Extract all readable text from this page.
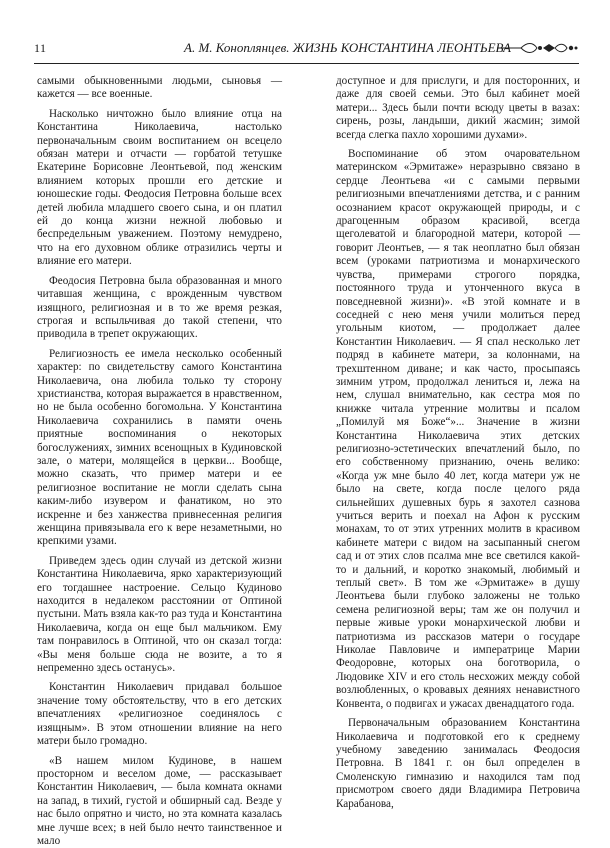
11	А. М. Коноплянцев. ЖИЗНЬ КОНСТАНТИНА ЛЕОНТЬЕВА

самыми обыкновенными людьми, сыновья — кажется — все военные.

Насколько ничтожно было влияние отца на Константина Николаевича, настолько первоначальным своим воспитанием он всецело обязан матери и отчасти — горбатой тетушке Екатерине Борисовне Леонтьевой, под женским влиянием которых прошли его детские и юношеские годы. Феодосия Петровна больше всех детей любила младшего своего сына, и он платил ей до конца жизни нежной любовью и беспредельным уважением. Поэтому немудрено, что на его духовном облике отразились черты и влияние его матери.

Феодосия Петровна была образованная и много читавшая женщина, с врожденным чувством изящного, религиозная и в то же время резкая, строгая и вспыльчивая до такой степени, что приводила в трепет окружающих.

Религиозность ее имела несколько особенный характер: по свидетельству самого Константина Николаевича, она любила только ту сторону христианства, которая выражается в нравственном, но не была особенно богомольна. У Константина Николаевича сохранились в памяти очень приятные воспоминания о некоторых богослужениях, зимних всенощных в Кудиновской зале, о матери, молящейся в церкви... Вообще, можно сказать, что пример матери и ее религиозное воспитание не могли сделать сына каким-либо изувером и фанатиком, но это искренне и без ханжества привнесенная религия женщина привязывала его к вере незаметными, но крепкими узами.

Приведем здесь один случай из детской жизни Константина Николаевича, ярко характеризующий его тогдашнее настроение. Сельцо Кудиново находится в недалеком расстоянии от Оптиной пустыни. Мать взяла как-то раз туда и Константина Николаевича, когда он еще был мальчиком. Ему там понравилось в Оптиной, что он сказал тогда: «Вы меня больше сюда не возите, а то я непременно здесь останусь».

Константин Николаевич придавал большое значение тому обстоятельству, что в его детских впечатлениях «религиозное соединялось с изящным». В этом отношении влияние на него матери было громадно.

«В нашем милом Кудинове, в нашем просторном и веселом доме, — рассказывает Константин Николаевич, — была комната окнами на запад, в тихий, густой и обширный сад. Везде у нас было опрятно и чисто, но эта комната казалась мне лучше всех; в ней было нечто таинственное и мало

доступное и для прислуги, и для посторонних, и даже для своей семьи. Это был кабинет моей матери... Здесь были почти всюду цветы в вазах: сирень, розы, ландыши, дикий жасмин; зимой всегда слегка пахло хорошими духами».

Воспоминание об этом очаровательном материнском «Эрмитаже» неразрывно связано в сердце Леонтьева «и с самыми первыми религиозными впечатлениями детства, и с ранним осознанием красот окружающей природы, и с драгоценным образом красивой, всегда щеголеватой и благородной матери, которой — говорит Леонтьев, — я так неоплатно был обязан всем (уроками патриотизма и монархического чувства, примерами строгого порядка, постоянного труда и утонченного вкуса в повседневной жизни)». «В этой комнате и в соседней с нею меня учили молиться перед угольным киотом, — продолжает далее Константин Николаевич. — Я спал несколько лет подряд в кабинете матери, за колоннами, на трехштенном диване; и как часто, просыпаясь зимним утром, продолжал лениться и, лежа на нем, слушал внимательно, как сестра моя по книжке читала утренние молитвы и псалом „Помилуй мя Боже“»... Значение в жизни Константина Николаевича этих детских религиозно-эстетических впечатлений было, по его собственному признанию, очень велико: «Когда уж мне было 40 лет, когда матери уж не было на свете, когда после целого ряда сильнейших душевных бурь я захотел сазнова учиться верить и поехал на Афон к русским монахам, то от этих утренних молитв в красивом кабинете матери с видом на засыпанный снегом сад и от этих слов псалма мне все светился какой-то и дальний, и коротко знакомый, любимый и теплый свет». В том же «Эрмитаже» в душу Леонтьева были глубоко заложены не только семена религиозной веры; там же он получил и первые живые уроки монархической любви и патриотизма из рассказов матери о государе Николае Павловиче и императрице Марии Феодоровне, которых она боготворила, о Людовике XIV и его столь несхожих между собой возлюбленных, о кровавых деяниях ненавистного Конвента, о подвигах и ужасах двенадцатого года.

Первоначальным образованием Константина Николаевича и подготовкой его к среднему учебному заведению занималась Феодосия Петровна. В 1841 г. он был определен в Смоленскую гимназию и находился там под присмотром своего дяди Владимира Петровича Карабанова,
